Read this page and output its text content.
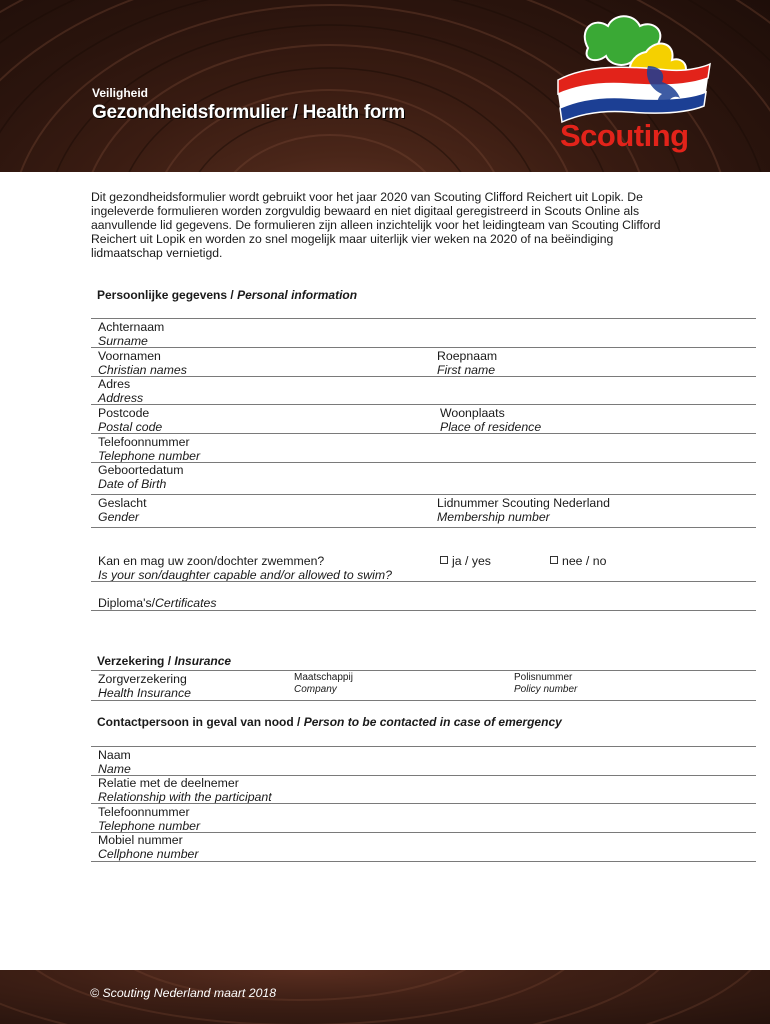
Veiligheid
Gezondheidsformulier / Health form
Scouting
Dit gezondheidsformulier wordt gebruikt voor het jaar 2020 van Scouting Clifford Reichert uit Lopik. De ingeleverde formulieren worden zorgvuldig bewaard en niet digitaal geregistreerd in Scouts Online als aanvullende lid gegevens. De formulieren zijn alleen inzichtelijk voor het leidingteam van Scouting Clifford Reichert uit Lopik en worden zo snel mogelijk maar uiterlijk vier weken na 2020 of na beëindiging lidmaatschap vernietigd.
Persoonlijke gegevens / Personal information
Achternaam
Surname
Voornamen
Christian names
Roepnaam
First name
Adres
Address
Postcode
Postal code
Woonplaats
Place of residence
Telefoonnummer
Telephone number
Geboortedatum
Date of Birth
Geslacht
Gender
Lidnummer Scouting Nederland
Membership number
Kan en mag uw zoon/dochter zwemmen?
Is your son/daughter capable and/or allowed to swim?
ja / yes	nee / no
Diploma's/Certificates
Verzekering / Insurance
Zorgverzekering
Health Insurance
Maatschappij
Company
Polisnummer
Policy number
Contactpersoon in geval van nood / Person to be contacted in case of emergency
Naam
Name
Relatie met de deelnemer
Relationship with the participant
Telefoonnummer
Telephone number
Mobiel nummer
Cellphone number
© Scouting Nederland maart 2018
